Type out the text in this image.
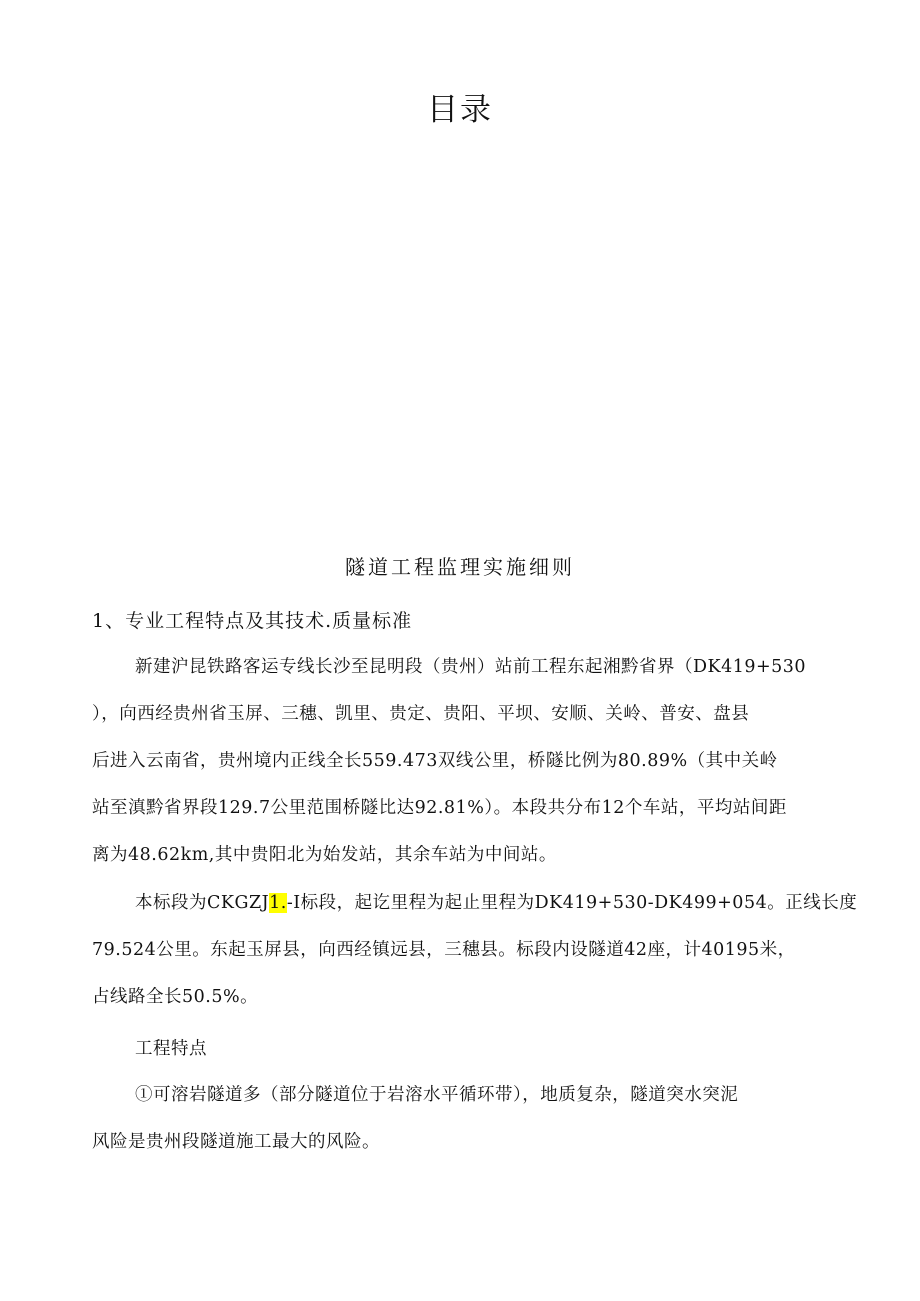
目录
隧道工程监理实施细则
1、专业工程特点及其技术.质量标准
新建沪昆铁路客运专线长沙至昆明段（贵州）站前工程东起湘黔省界（DK419+530
），向西经贵州省玉屏、三穗、凯里、贵定、贵阳、平坝、安顺、关岭、普安、盘县
后进入云南省，贵州境内正线全长559.473双线公里，桥隧比例为80.89%（其中关岭
站至滇黔省界段129.7公里范围桥隧比达92.81%）。本段共分布12个车站，平均站间距
离为48.62km,其中贵阳北为始发站，其余车站为中间站。
本标段为CKGZJ1.-I标段，起讫里程为起止里程为DK419+530-DK499+054。正线长度
79.524公里。东起玉屏县，向西经镇远县，三穗县。标段内设隧道42座，计40195米，
占线路全长50.5%。
工程特点
①可溶岩隧道多（部分隧道位于岩溶水平循环带），地质复杂，隧道突水突泥
风险是贵州段隧道施工最大的风险。
